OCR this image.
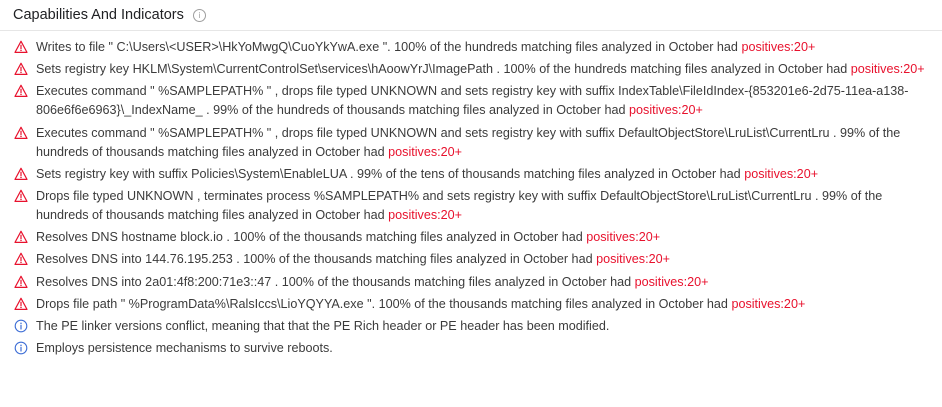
Capabilities And Indicators	i
Writes to file " C:\Users\<USER>\HkYoMwgQ\CuoYkYwA.exe ". 100% of the hundreds matching files analyzed in October had positives:20+
Sets registry key HKLM\System\CurrentControlSet\services\hAoowYrJ\ImagePath . 100% of the hundreds matching files analyzed in October had positives:20+
Executes command " %SAMPLEPATH% " , drops file typed UNKNOWN and sets registry key with suffix IndexTable\FileIdIndex-{853201e6-2d75-11ea-a138-806e6f6e6963}\_IndexName_ . 99% of the hundreds of thousands matching files analyzed in October had positives:20+
Executes command " %SAMPLEPATH% " , drops file typed UNKNOWN and sets registry key with suffix DefaultObjectStore\LruList\CurrentLru . 99% of the hundreds of thousands matching files analyzed in October had positives:20+
Sets registry key with suffix Policies\System\EnableLUA . 99% of the tens of thousands matching files analyzed in October had positives:20+
Drops file typed UNKNOWN , terminates process %SAMPLEPATH% and sets registry key with suffix DefaultObjectStore\LruList\CurrentLru . 99% of the hundreds of thousands matching files analyzed in October had positives:20+
Resolves DNS hostname block.io . 100% of the thousands matching files analyzed in October had positives:20+
Resolves DNS into 144.76.195.253 . 100% of the thousands matching files analyzed in October had positives:20+
Resolves DNS into 2a01:4f8:200:71e3::47 . 100% of the thousands matching files analyzed in October had positives:20+
Drops file path " %ProgramData%\RalsIccs\LioYQYYA.exe ". 100% of the thousands matching files analyzed in October had positives:20+
The PE linker versions conflict, meaning that that the PE Rich header or PE header has been modified.
Employs persistence mechanisms to survive reboots.
